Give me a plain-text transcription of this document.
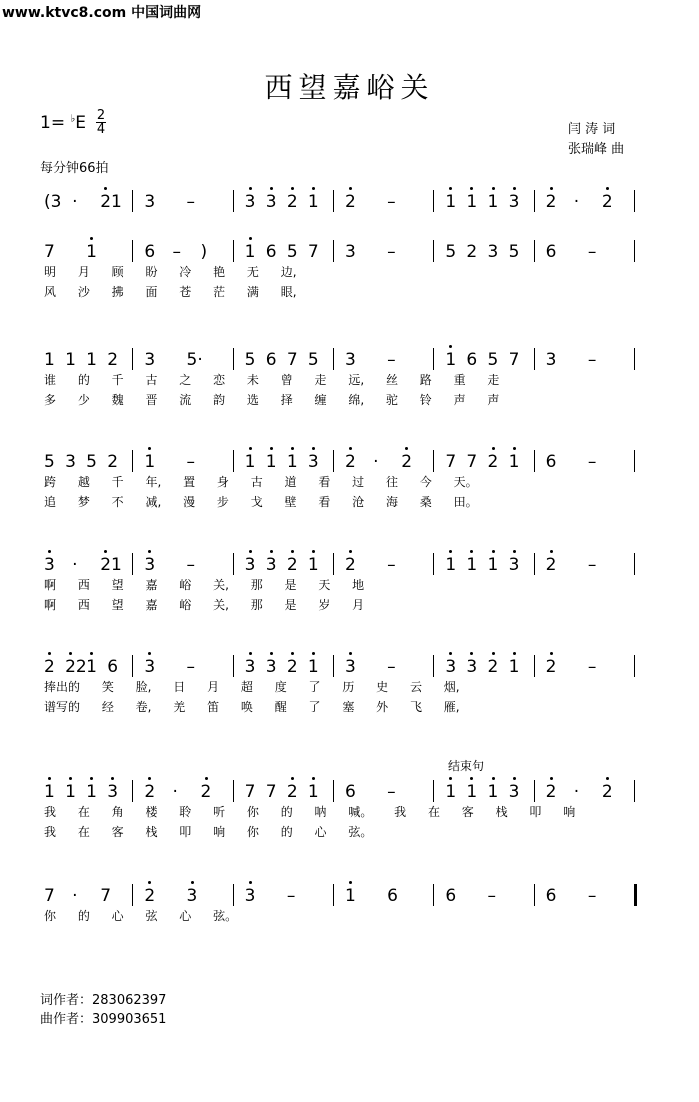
www.ktvc8.com 中国词曲网
西望嘉峪关
1= ♭E 2
4	闫 涛 词
张瑞峰 曲
每分钟66拍
结束句
(3 ·	21	3	–	3 3 2 1	2	–	1 1 1 3	2	·	2
7	1	6	–	)	1 6 5 7	3	–	5 2 3 5	6	–
明 月 顾 盼 冷 艳 无 边,
风 沙 拂 面 苍 茫 满 眼,
1 1 1 2	3	5·	5 6 7 5	3	–	1 6 5 7	3	–
谁 的 千 古 之 恋 未 曾 走 远, 丝 路 重 走
多 少 魏 晋 流 韵 选 择 缠 绵, 驼 铃 声 声
5 3 5 2	1	–	1 1 1 3	2	·	2	7 7 2 1	6	–
跨 越 千 年, 置 身 古 道 看 过 往 今 天。
追 梦 不 减, 漫 步 戈 壁 看 沧 海 桑 田。
3	·	21	3	–	3 3 2 1	2	–	1 1 1 3	2	–
啊 西 望 嘉 峪 关, 那 是 天 地
啊 西 望 嘉 峪 关, 那 是 岁 月
2 22 1 6	3	–	3 3 2 1	3	–	3 3 2 1	2	–
捧出的 笑 脸, 日 月 超 度 了 历 史 云 烟,
谱写的 经 卷, 羌 笛 唤 醒 了 塞 外 飞 雁,
1 1 1 3	2	·	2	7 7 2 1	6	–	1 1 1 3	2	·	2
我 在 角 楼 聆 听 你 的 呐 喊。 我 在 客 栈 叩 响
我 在 客 栈 叩 响 你 的 心 弦。
7	·	7	2	3	3	–	1	6	6	–	6	–
你 的 心 弦 心 弦。
词作者：283062397
曲作者：309903651
